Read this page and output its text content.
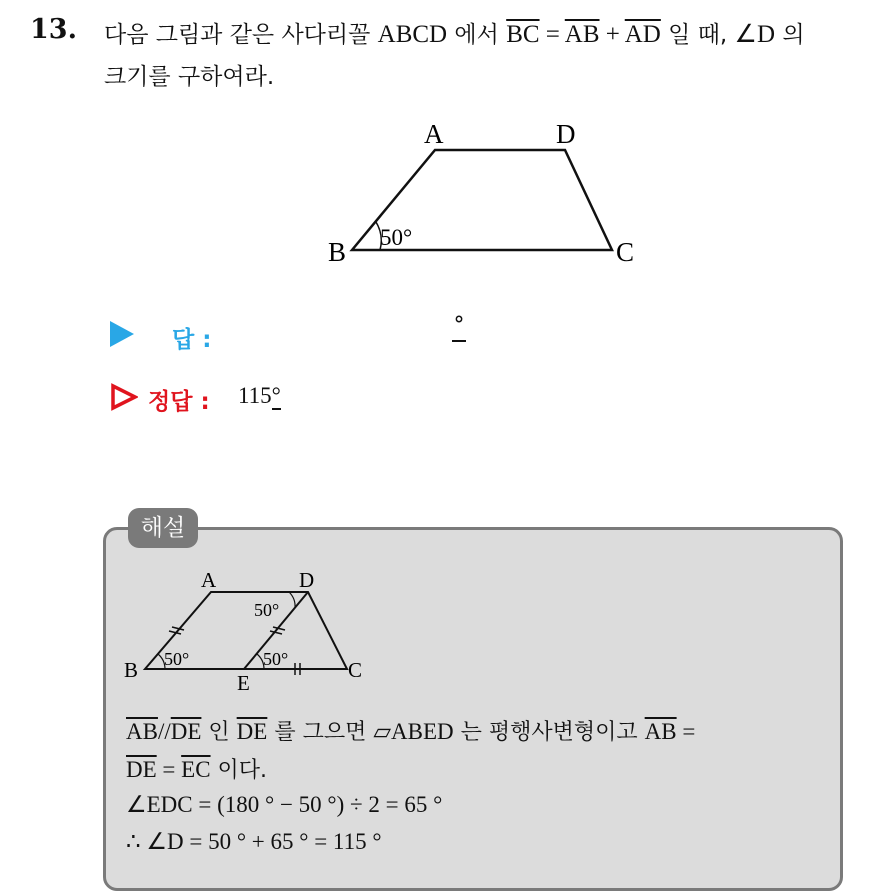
13. 다음 그림과 같은 사다리꼴 ABCD 에서 $\overline{BC} = \overline{AB} + \overline{AD}$ 일 때, ∠D 의
크기를 구하여라.
A
B	C
D
50°
답 :
°
정답 : 115°
해설
A
B	C
D
E
50°	50°
50°
$\overline{AB}//\overline{DE}$ 인 $\overline{DE}$ 를 그으면 ▱ABED 는 평행사변형이고 $\overline{AB}$ =
$\overline{DE} = \overline{EC}$ 이다.
∠EDC = (180 ° − 50 °) ÷ 2 = 65 °
∴ ∠D = 50 ° + 65 ° = 115 °
